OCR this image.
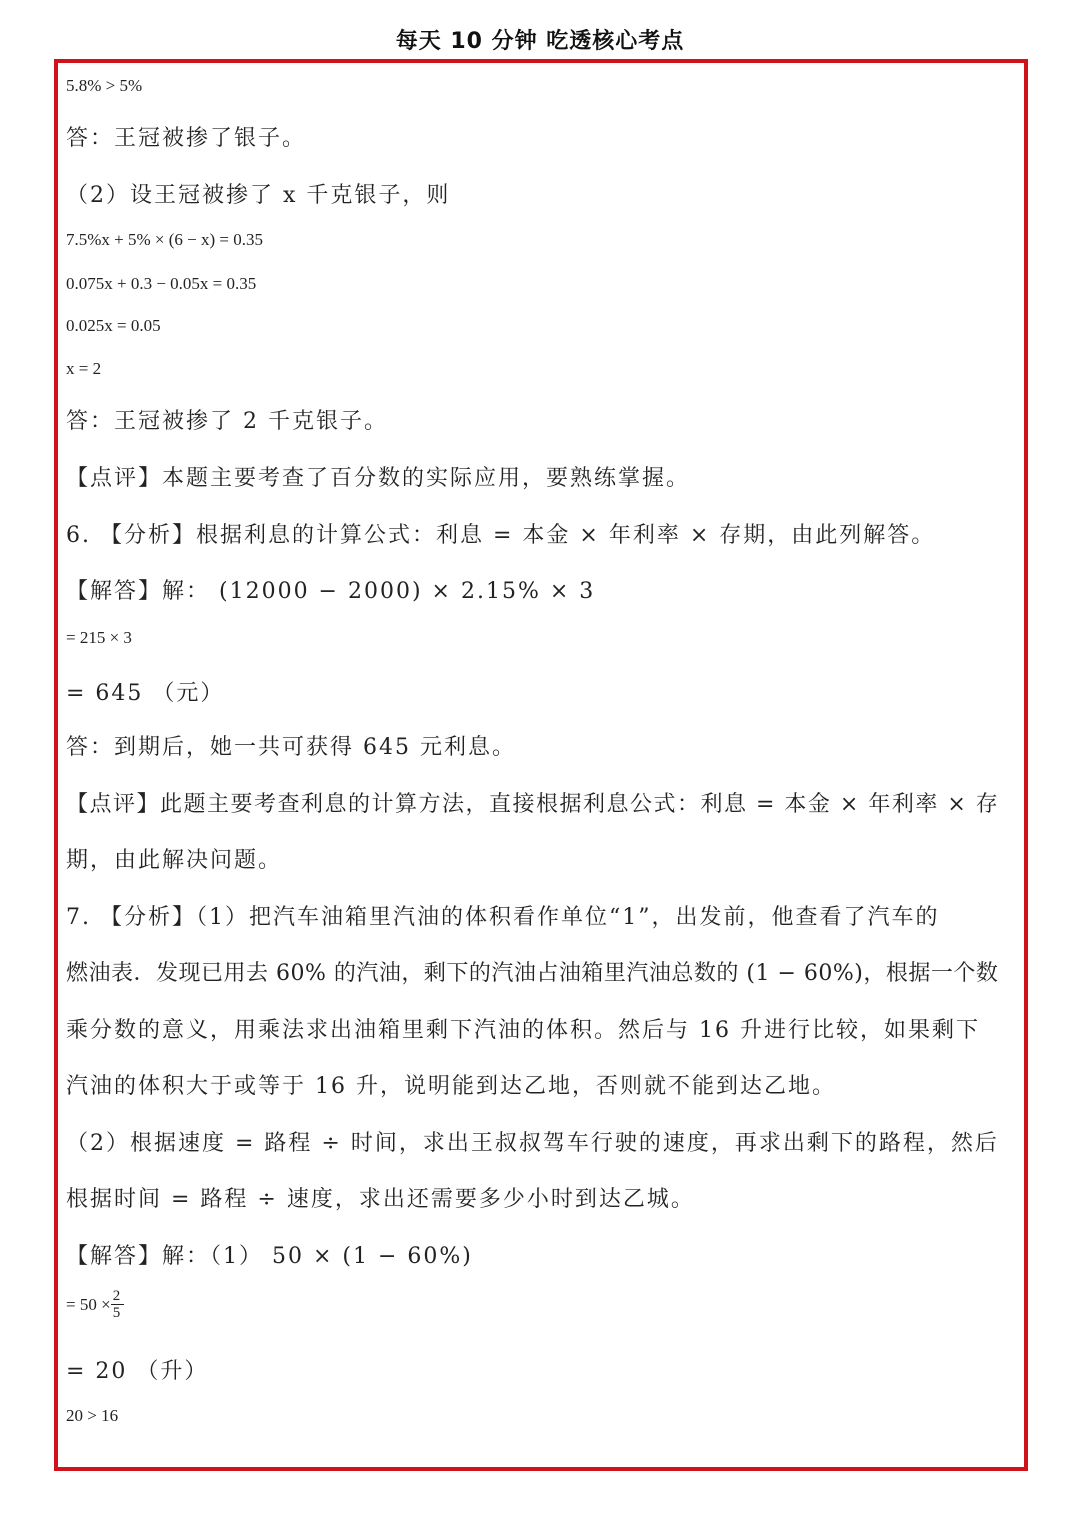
每天 10 分钟 吃透核心考点
5.8% > 5%
答：王冠被掺了银子。
（2）设王冠被掺了 x 千克银子，则
7.5%x + 5% × (6 − x) = 0.35
0.075x + 0.3 − 0.05x = 0.35
0.025x = 0.05
x = 2
答：王冠被掺了 2 千克银子。
【点评】本题主要考查了百分数的实际应用，要熟练掌握。
6. 【分析】根据利息的计算公式：利息 = 本金 × 年利率 × 存期，由此列解答。
【解答】解： (12000 − 2000) × 2.15% × 3
= 215 × 3
= 645 （元）
答：到期后，她一共可获得 645 元利息。
【点评】此题主要考查利息的计算方法，直接根据利息公式：利息 = 本金 × 年利率 × 存
期，由此解决问题。
7. 【分析】（1）把汽车油箱里汽油的体积看作单位“1”，出发前，他查看了汽车的
燃油表．发现已用去 60% 的汽油，剩下的汽油占油箱里汽油总数的 (1 − 60%)，根据一个数
乘分数的意义，用乘法求出油箱里剩下汽油的体积。然后与 16 升进行比较，如果剩下
汽油的体积大于或等于 16 升，说明能到达乙地，否则就不能到达乙地。
（2）根据速度 = 路程 ÷ 时间，求出王叔叔驾车行驶的速度，再求出剩下的路程，然后
根据时间 = 路程 ÷ 速度，求出还需要多少小时到达乙城。
【解答】解：（1） 50 × (1 − 60%)
= $50 \times \frac{2}{5}$
= 20 （升）
20 > 16
